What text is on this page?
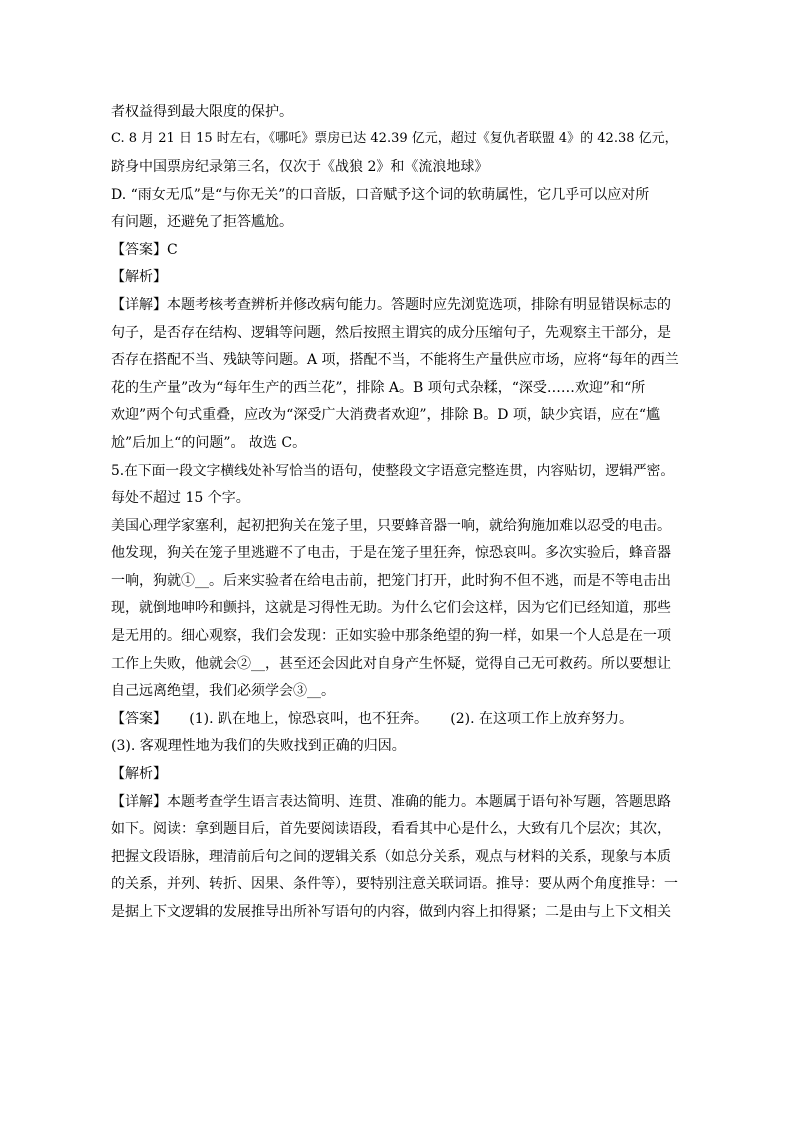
者权益得到最大限度的保护。
C. 8 月 21 日 15 时左右，《哪吒》票房已达 42.39 亿元，超过《复仇者联盟 4》的 42.38 亿元，
跻身中国票房纪录第三名，仅次于《战狼 2》和《流浪地球》
D. “雨女无瓜”是“与你无关”的口音版，口音赋予这个词的软萌属性，它几乎可以应对所
有问题，还避免了拒答尴尬。
【答案】C
【解析】
【详解】本题考核考查辨析并修改病句能力。答题时应先浏览选项，排除有明显错误标志的
句子，是否存在结构、逻辑等问题，然后按照主谓宾的成分压缩句子，先观察主干部分，是
否存在搭配不当、残缺等问题。A 项，搭配不当，不能将生产量供应市场，应将“每年的西兰
花的生产量”改为“每年生产的西兰花”，排除 A。B 项句式杂糅，“深受……欢迎”和“所
欢迎”两个句式重叠，应改为“深受广大消费者欢迎”，排除 B。D 项，缺少宾语，应在“尴
尬”后加上“的问题”。 故选 C。
5.在下面一段文字横线处补写恰当的语句，使整段文字语意完整连贯，内容贴切，逻辑严密。
每处不超过 15 个字。
美国心理学家塞利，起初把狗关在笼子里，只要蜂音器一响，就给狗施加难以忍受的电击。
他发现，狗关在笼子里逃避不了电击，于是在笼子里狂奔，惊恐哀叫。多次实验后，蜂音器
一响，狗就①__。后来实验者在给电击前，把笼门打开，此时狗不但不逃，而是不等电击出
现，就倒地呻吟和颤抖，这就是习得性无助。为什么它们会这样，因为它们已经知道，那些
是无用的。细心观察，我们会发现：正如实验中那条绝望的狗一样，如果一个人总是在一项
工作上失败，他就会②__，甚至还会因此对自身产生怀疑，觉得自己无可救药。所以要想让
自己远离绝望，我们必须学会③__。
【答案】     (1). 趴在地上，惊恐哀叫，也不狂奔。     (2). 在这项工作上放弃努力。
(3). 客观理性地为我们的失败找到正确的归因。
【解析】
【详解】本题考查学生语言表达简明、连贯、准确的能力。本题属于语句补写题，答题思路
如下。阅读：拿到题目后，首先要阅读语段，看看其中心是什么，大致有几个层次；其次，
把握文段语脉，理清前后句之间的逻辑关系（如总分关系，观点与材料的关系，现象与本质
的关系，并列、转折、因果、条件等），要特别注意关联词语。推导：要从两个角度推导：一
是据上下文逻辑的发展推导出所补写语句的内容，做到内容上扣得紧；二是由与上下文相关
